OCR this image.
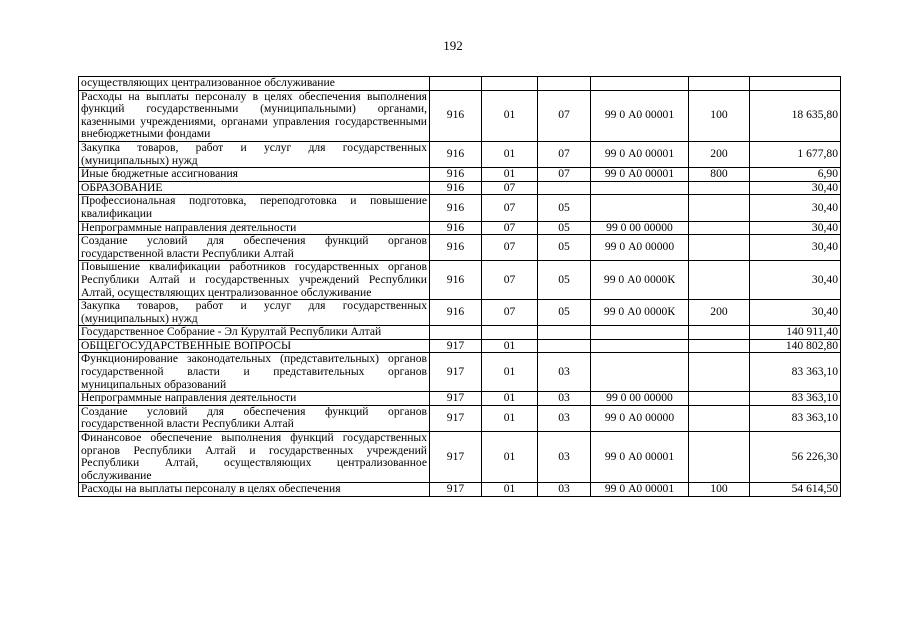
192
осуществляющих централизованное обслуживание						
Расходы на выплаты персоналу в целях обеспечения выполнения функций государственными (муниципальными) органами, казенными учреждениями, органами управления государственными внебюджетными фондами	916	01	07	99 0 А0 00001	100	18 635,80
Закупка товаров, работ и услуг для государственных (муниципальных) нужд	916	01	07	99 0 А0 00001	200	1 677,80
Иные бюджетные ассигнования	916	01	07	99 0 А0 00001	800	6,90
ОБРАЗОВАНИЕ	916	07				30,40
Профессиональная подготовка, переподготовка и повышение квалификации	916	07	05			30,40
Непрограммные направления деятельности	916	07	05	99 0 00 00000		30,40
Создание условий для обеспечения функций органов государственной власти Республики Алтай	916	07	05	99 0 А0 00000		30,40
Повышение квалификации работников государственных органов Республики Алтай и государственных учреждений Республики Алтай, осуществляющих централизованное обслуживание	916	07	05	99 0 А0 0000К		30,40
Закупка товаров, работ и услуг для государственных (муниципальных) нужд	916	07	05	99 0 А0 0000К	200	30,40
Государственное Собрание - Эл Курултай Республики Алтай						140 911,40
ОБЩЕГОСУДАРСТВЕННЫЕ ВОПРОСЫ	917	01				140 802,80
Функционирование законодательных (представительных) органов государственной власти и представительных органов муниципальных образований	917	01	03			83 363,10
Непрограммные направления деятельности	917	01	03	99 0 00 00000		83 363,10
Создание условий для обеспечения функций органов государственной власти Республики Алтай	917	01	03	99 0 А0 00000		83 363,10
Финансовое обеспечение выполнения функций государственных органов Республики Алтай и государственных учреждений Республики Алтай, осуществляющих централизованное обслуживание	917	01	03	99 0 А0 00001		56 226,30
Расходы на выплаты персоналу в целях обеспечения	917	01	03	99 0 А0 00001	100	54 614,50
